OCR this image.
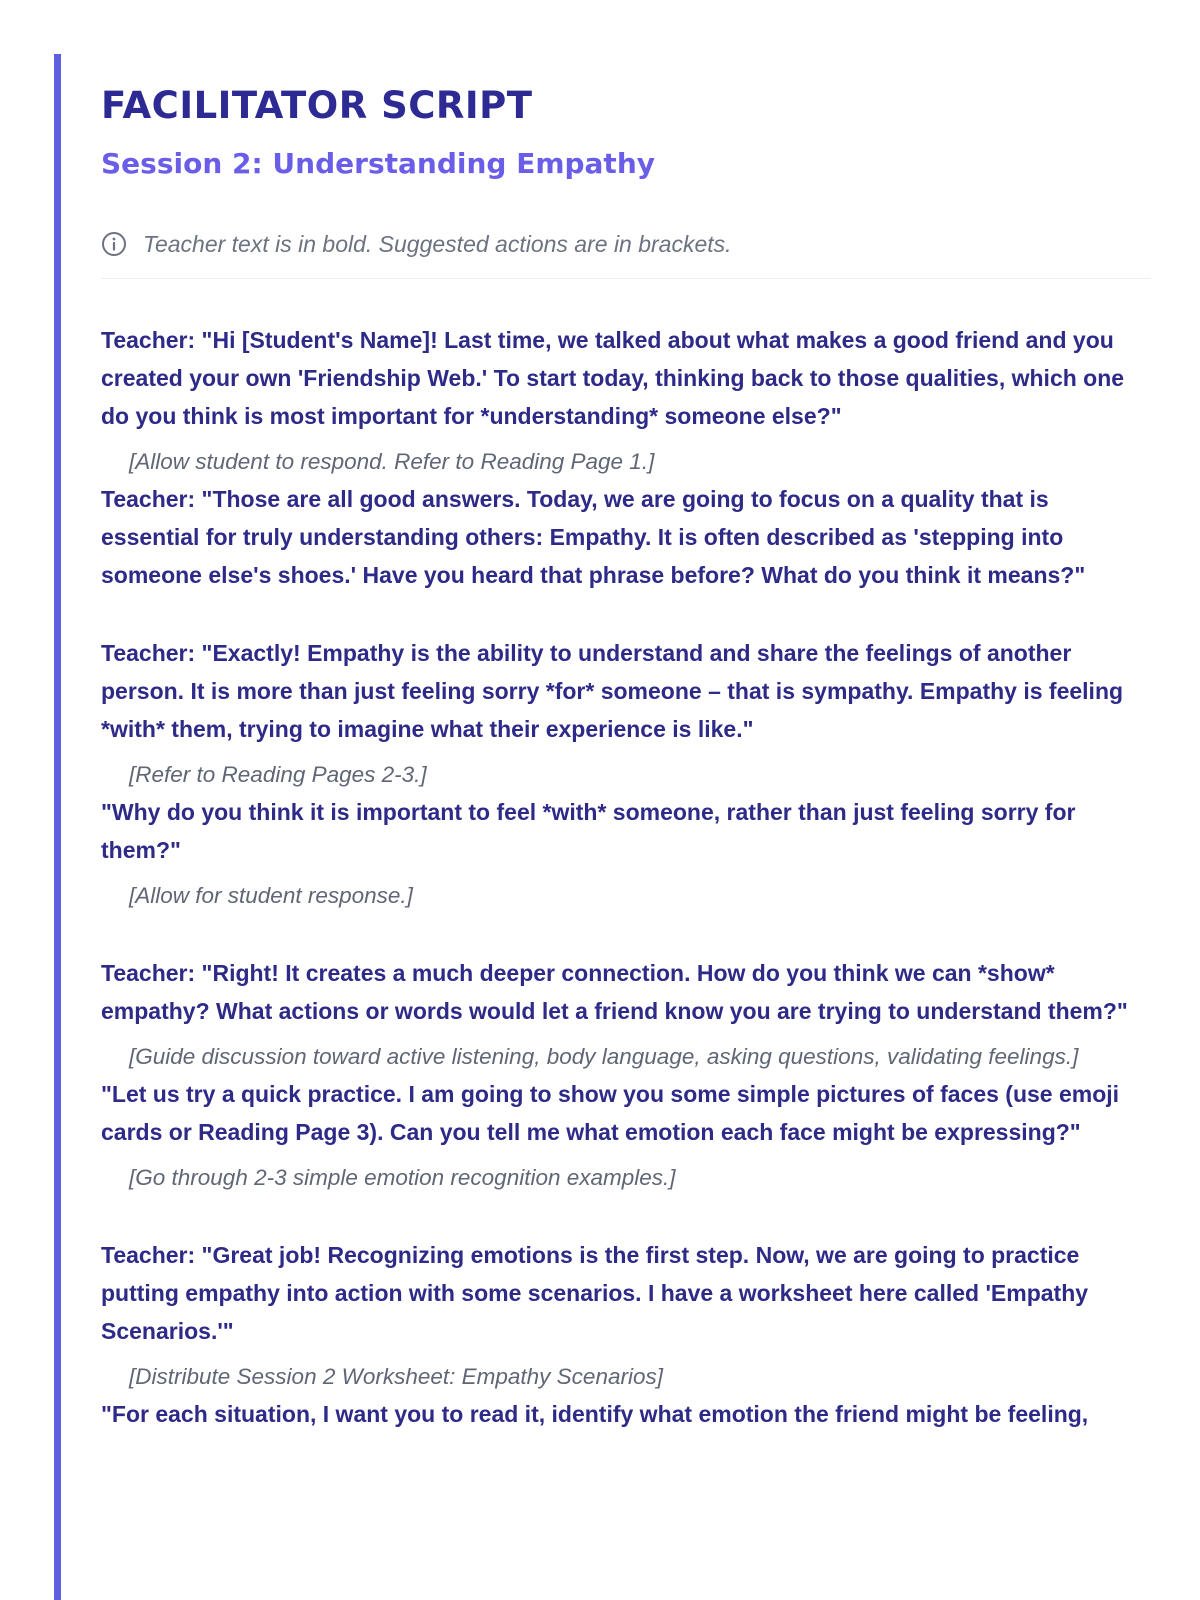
FACILITATOR SCRIPT
Session 2: Understanding Empathy
Teacher text is in bold. Suggested actions are in brackets.

Teacher: "Hi [Student's Name]! Last time, we talked about what makes a good friend and you created your own 'Friendship Web.' To start today, thinking back to those qualities, which one do you think is most important for *understanding* someone else?"

[Allow student to respond. Refer to Reading Page 1.]

Teacher: "Those are all good answers. Today, we are going to focus on a quality that is essential for truly understanding others: Empathy. It is often described as 'stepping into someone else's shoes.' Have you heard that phrase before? What do you think it means?"

Teacher: "Exactly! Empathy is the ability to understand and share the feelings of another person. It is more than just feeling sorry *for* someone – that is sympathy. Empathy is feeling *with* them, trying to imagine what their experience is like."

[Refer to Reading Pages 2-3.]

"Why do you think it is important to feel *with* someone, rather than just feeling sorry for them?"

[Allow for student response.]

Teacher: "Right! It creates a much deeper connection. How do you think we can *show* empathy? What actions or words would let a friend know you are trying to understand them?"

[Guide discussion toward active listening, body language, asking questions, validating feelings.]

"Let us try a quick practice. I am going to show you some simple pictures of faces (use emoji cards or Reading Page 3). Can you tell me what emotion each face might be expressing?"

[Go through 2-3 simple emotion recognition examples.]

Teacher: "Great job! Recognizing emotions is the first step. Now, we are going to practice putting empathy into action with some scenarios. I have a worksheet here called 'Empathy Scenarios.'"

[Distribute Session 2 Worksheet: Empathy Scenarios]

"For each situation, I want you to read it, identify what emotion the friend might be feeling,
